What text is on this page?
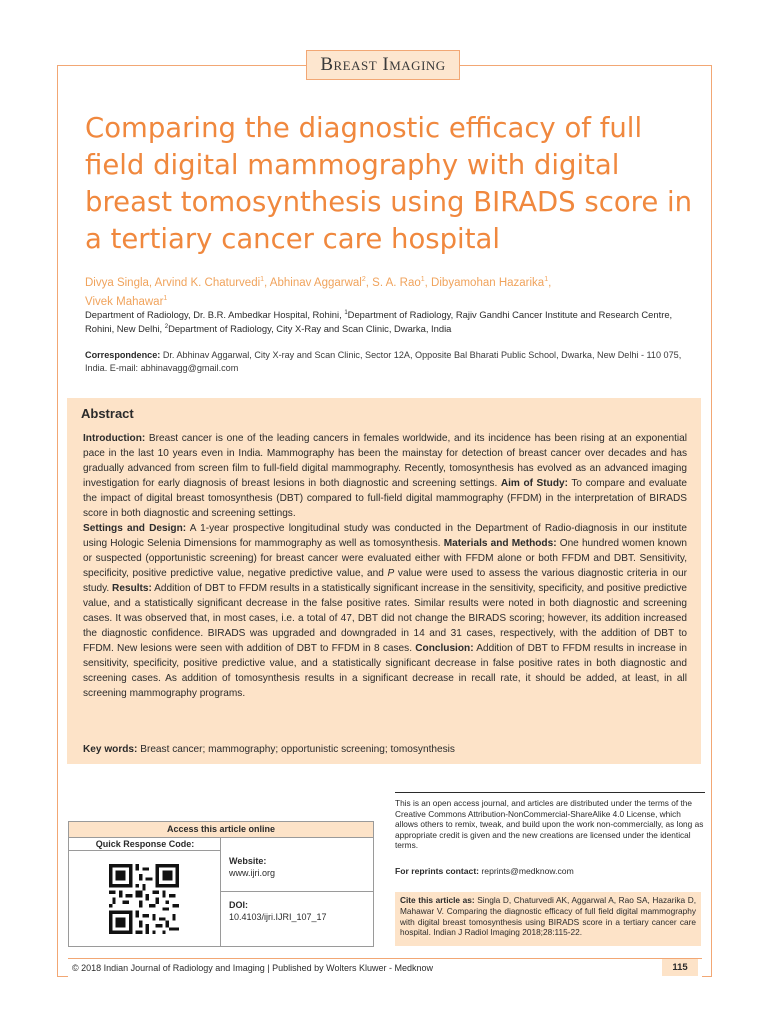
Breast Imaging
Comparing the diagnostic efficacy of full field digital mammography with digital breast tomosynthesis using BIRADS score in a tertiary cancer care hospital
Divya Singla, Arvind K. Chaturvedi$^1$, Abhinav Aggarwal$^2$, S. A. Rao$^1$, Dibyamohan Hazarika$^1$,
Vivek Mahawar$^1$
Department of Radiology, Dr. B.R. Ambedkar Hospital, Rohini, $^1$Department of Radiology, Rajiv Gandhi Cancer Institute and Research Centre, Rohini, New Delhi, $^2$Department of Radiology, City X-Ray and Scan Clinic, Dwarka, India
Correspondence: Dr. Abhinav Aggarwal, City X-ray and Scan Clinic, Sector 12A, Opposite Bal Bharati Public School, Dwarka, New Delhi - 110 075, India. E-mail: abhinavagg@gmail.com
Abstract

Introduction: Breast cancer is one of the leading cancers in females worldwide, and its incidence has been rising at an exponential pace in the last 10 years even in India. Mammography has been the mainstay for detection of breast cancer over decades and has gradually advanced from screen film to full-field digital mammography. Recently, tomosynthesis has evolved as an advanced imaging investigation for early diagnosis of breast lesions in both diagnostic and screening settings. Aim of Study: To compare and evaluate the impact of digital breast tomosynthesis (DBT) compared to full-field digital mammography (FFDM) in the interpretation of BIRADS score in both diagnostic and screening settings.
Settings and Design: A 1-year prospective longitudinal study was conducted in the Department of Radio-diagnosis in our institute using Hologic Selenia Dimensions for mammography as well as tomosynthesis. Materials and Methods: One hundred women known or suspected (opportunistic screening) for breast cancer were evaluated either with FFDM alone or both FFDM and DBT. Sensitivity, specificity, positive predictive value, negative predictive value, and P value were used to assess the various diagnostic criteria in our study. Results: Addition of DBT to FFDM results in a statistically significant increase in the sensitivity, specificity, and positive predictive value, and a statistically significant decrease in the false positive rates. Similar results were noted in both diagnostic and screening cases. It was observed that, in most cases, i.e. a total of 47, DBT did not change the BIRADS scoring; however, its addition increased the diagnostic confidence. BIRADS was upgraded and downgraded in 14 and 31 cases, respectively, with the addition of DBT to FFDM. New lesions were seen with addition of DBT to FFDM in 8 cases. Conclusion: Addition of DBT to FFDM results in increase in sensitivity, specificity, positive predictive value, and a statistically significant decrease in false positive rates in both diagnostic and screening cases. As addition of tomosynthesis results in a significant decrease in recall rate, it should be added, at least, in all screening mammography programs.

Key words: Breast cancer; mammography; opportunistic screening; tomosynthesis
Access this article online
Quick Response Code:
Website:
www.ijri.org
DOI:
10.4103/ijri.IJRI_107_17
This is an open access journal, and articles are distributed under the terms of the Creative Commons Attribution-NonCommercial-ShareAlike 4.0 License, which allows others to remix, tweak, and build upon the work non-commercially, as long as appropriate credit is given and the new creations are licensed under the identical terms.
For reprints contact: reprints@medknow.com
Cite this article as: Singla D, Chaturvedi AK, Aggarwal A, Rao SA, Hazarika D, Mahawar V. Comparing the diagnostic efficacy of full field digital mammography with digital breast tomosynthesis using BIRADS score in a tertiary cancer care hospital. Indian J Radiol Imaging 2018;28:115-22.
© 2018 Indian Journal of Radiology and Imaging | Published by Wolters Kluwer - Medknow	115
